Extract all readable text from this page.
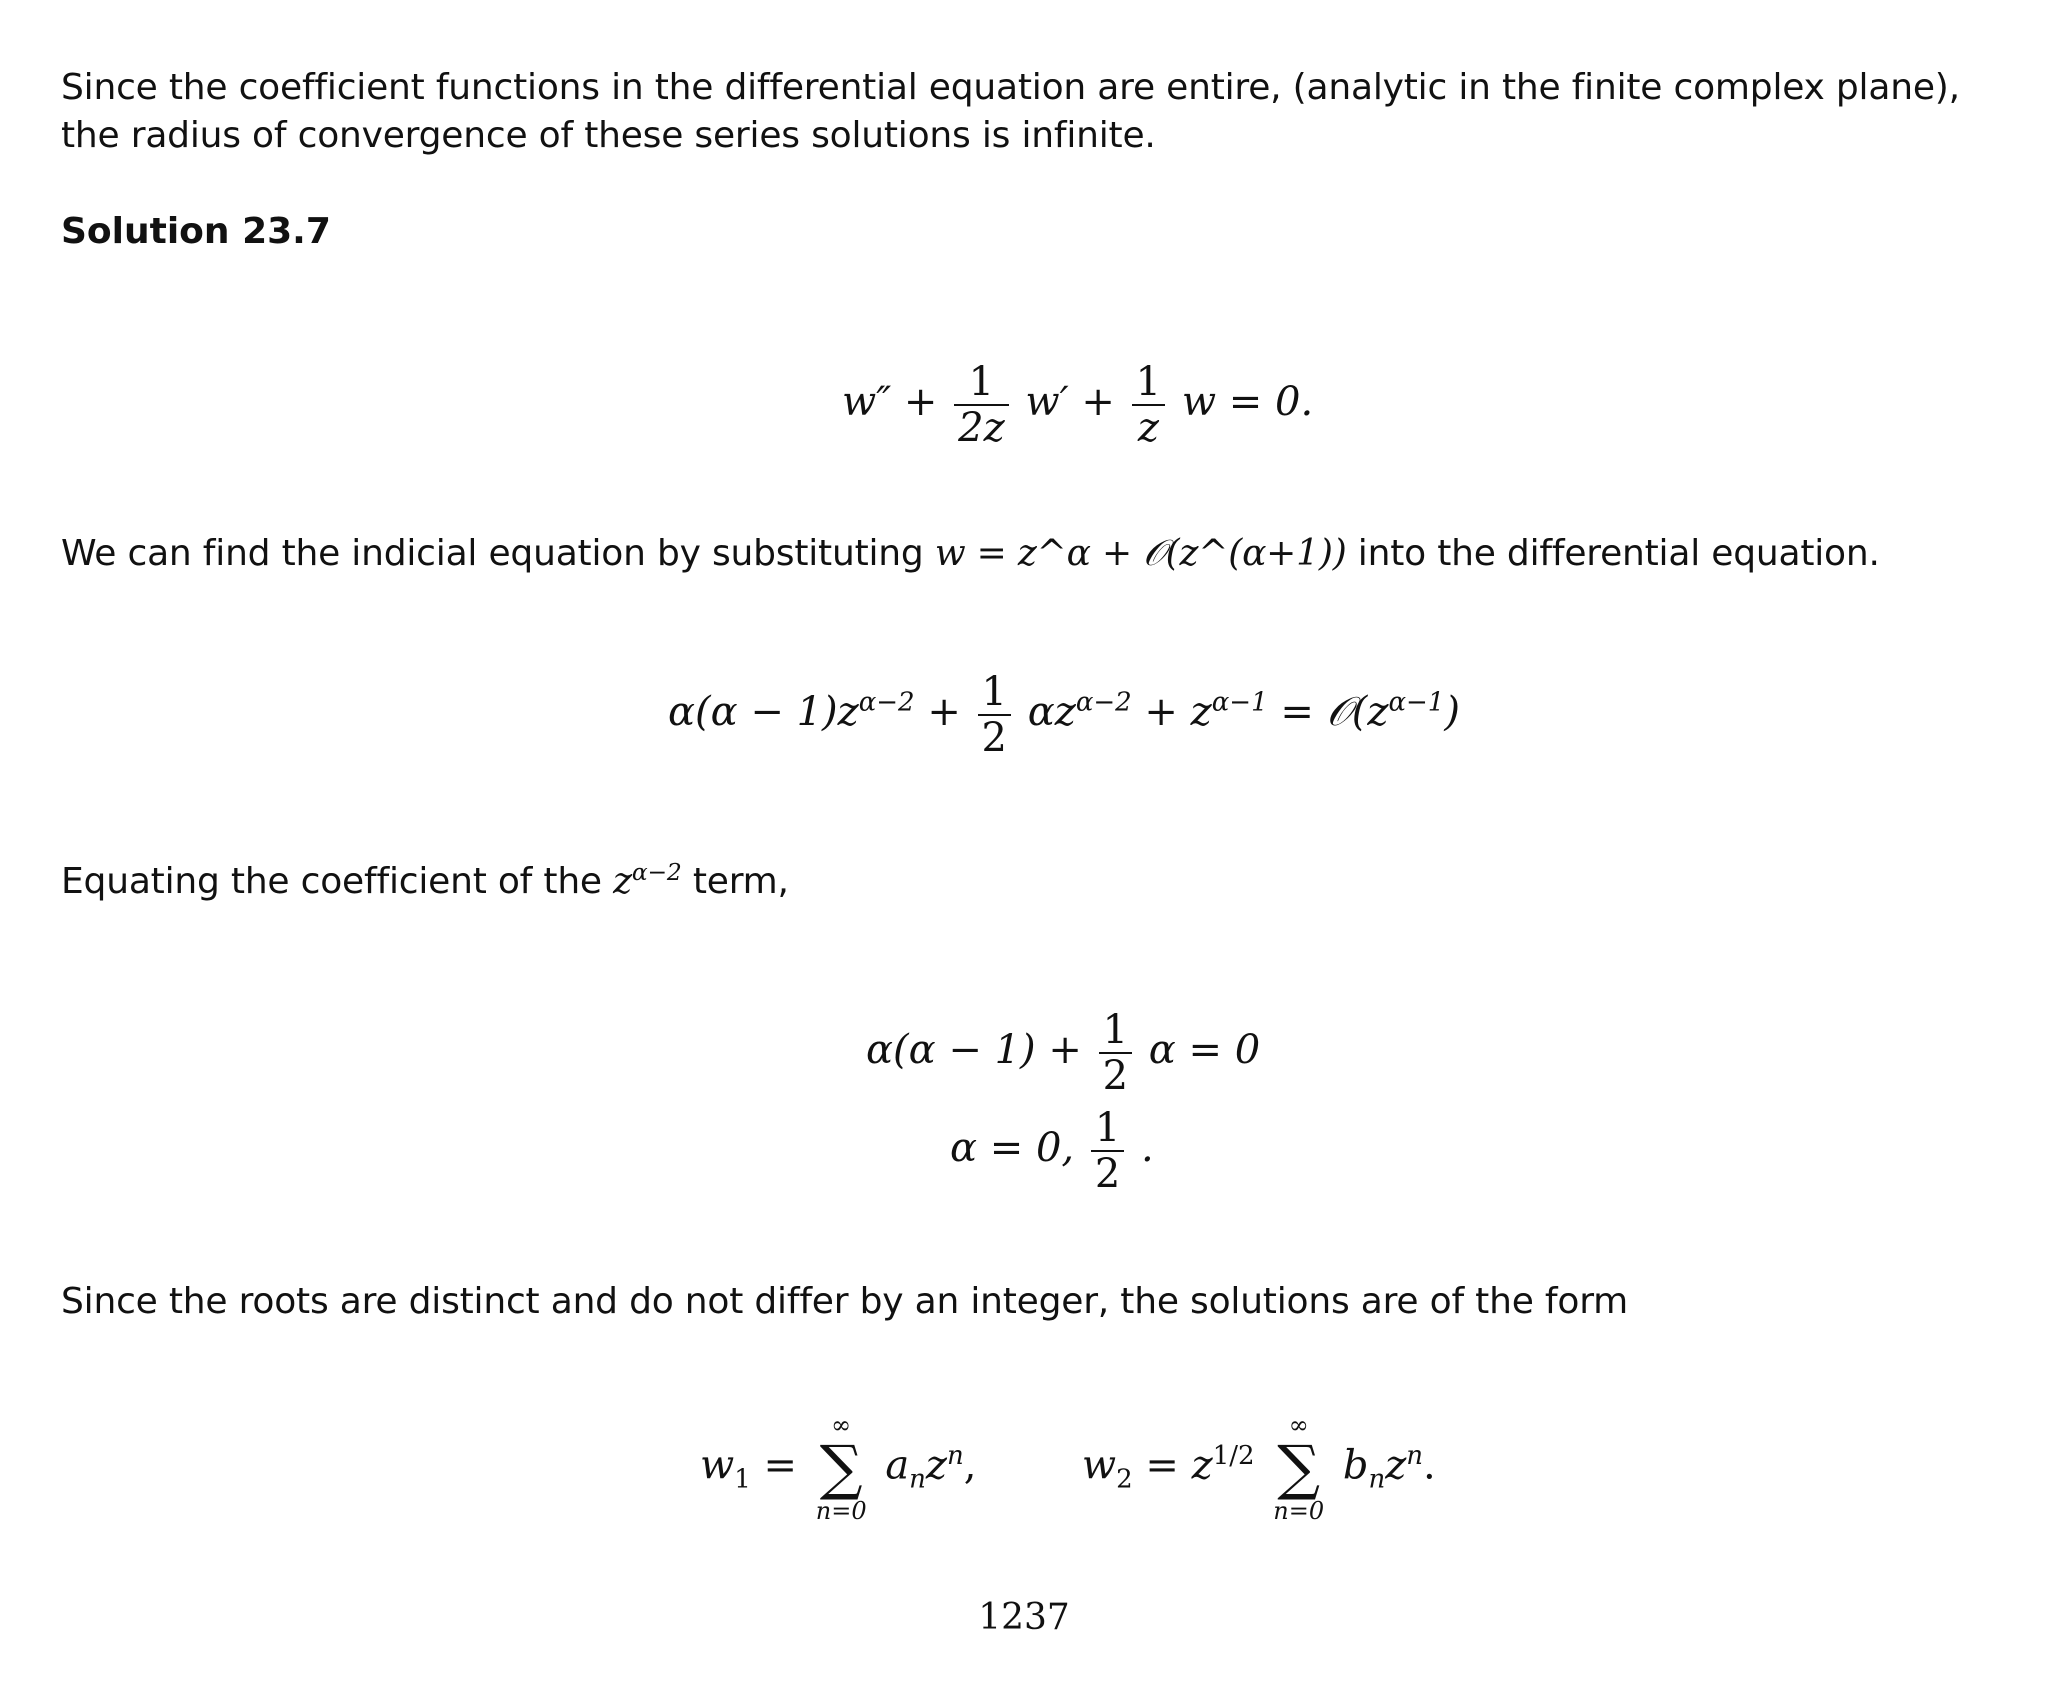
Since the coefficient functions in the differential equation are entire, (analytic in the finite complex plane), the radius of convergence of these series solutions is infinite.
Solution 23.7
$w'' + \frac{1}{2z} w' + \frac{1}{z}$ w = 0.
We can find the indicial equation by substituting w = z^α + 𝒪(z^(α+1)) into the differential equation.
$\alpha(\alpha - 1)z^{\alpha-2} + \frac{1}{2} \alpha z^{\alpha-2} + z^{\alpha-1}$ = $𝒪(z^{\alpha-1})$
Equating the coefficient of the $z^{\alpha-2}$ term,
$\alpha(\alpha - 1) + \frac{1}{2}$ α = 0
α = 0, $\frac{1}{2}$ .
Since the roots are distinct and do not differ by an integer, the solutions are of the form
$w_1$ =
∞
∑
n=0
$a_nz^n$,	$w_2 = z^{1/2}$
∞
∑
n=0
$b_nz^n$.
1237
